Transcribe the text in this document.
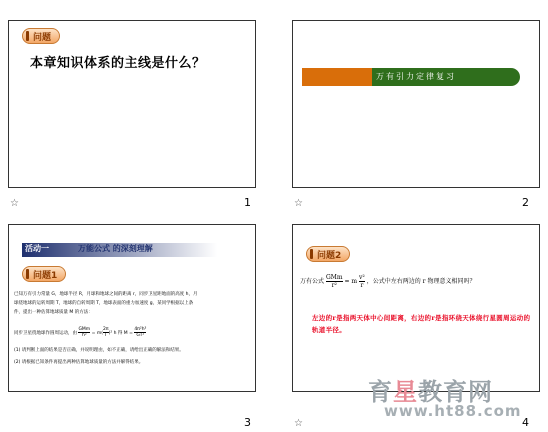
问题
本章知识体系的主线是什么？
☆	1
万有引力定律复习
☆	2
活动一	万能公式 的深刻理解
问题1
已知万有引力常量 G，地球半径 R，月球和地球之间的距离 r，同步卫星距地面的高度 h，月
球绕地球的运转周期 T，地球的自转周期 T，地球表面的重力加速度 g，某同学根据以上条
件，提出一种估算地球质量 M 的方法：
同步卫星绕地球作圆周运动，由 $\frac{\text{GMm}}{\text{h²}} = m( \frac{2\pi}{T} )^2$ h 得 $M = \frac{\text{4π²h³}}{\text{GT²}}$
(1) 请判断上面的结果是否正确，并说明理由，如不正确，请给出正确的解法和结果。
(2) 请根据已知条件再提出两种估算地球质量的方法并解得结果。
3
问题2
万有公式 $\frac{\text{GMm}}{\text{r²}} = m \frac{\text{v²}}{r}$ ，公式中左右两边的 r 物理意义相同吗？
左边的r是指两天体中心间距离，右边的r是指环绕天体绕行星圆周运动的轨道半径。
☆	4
育星教育网
www.ht88.com
